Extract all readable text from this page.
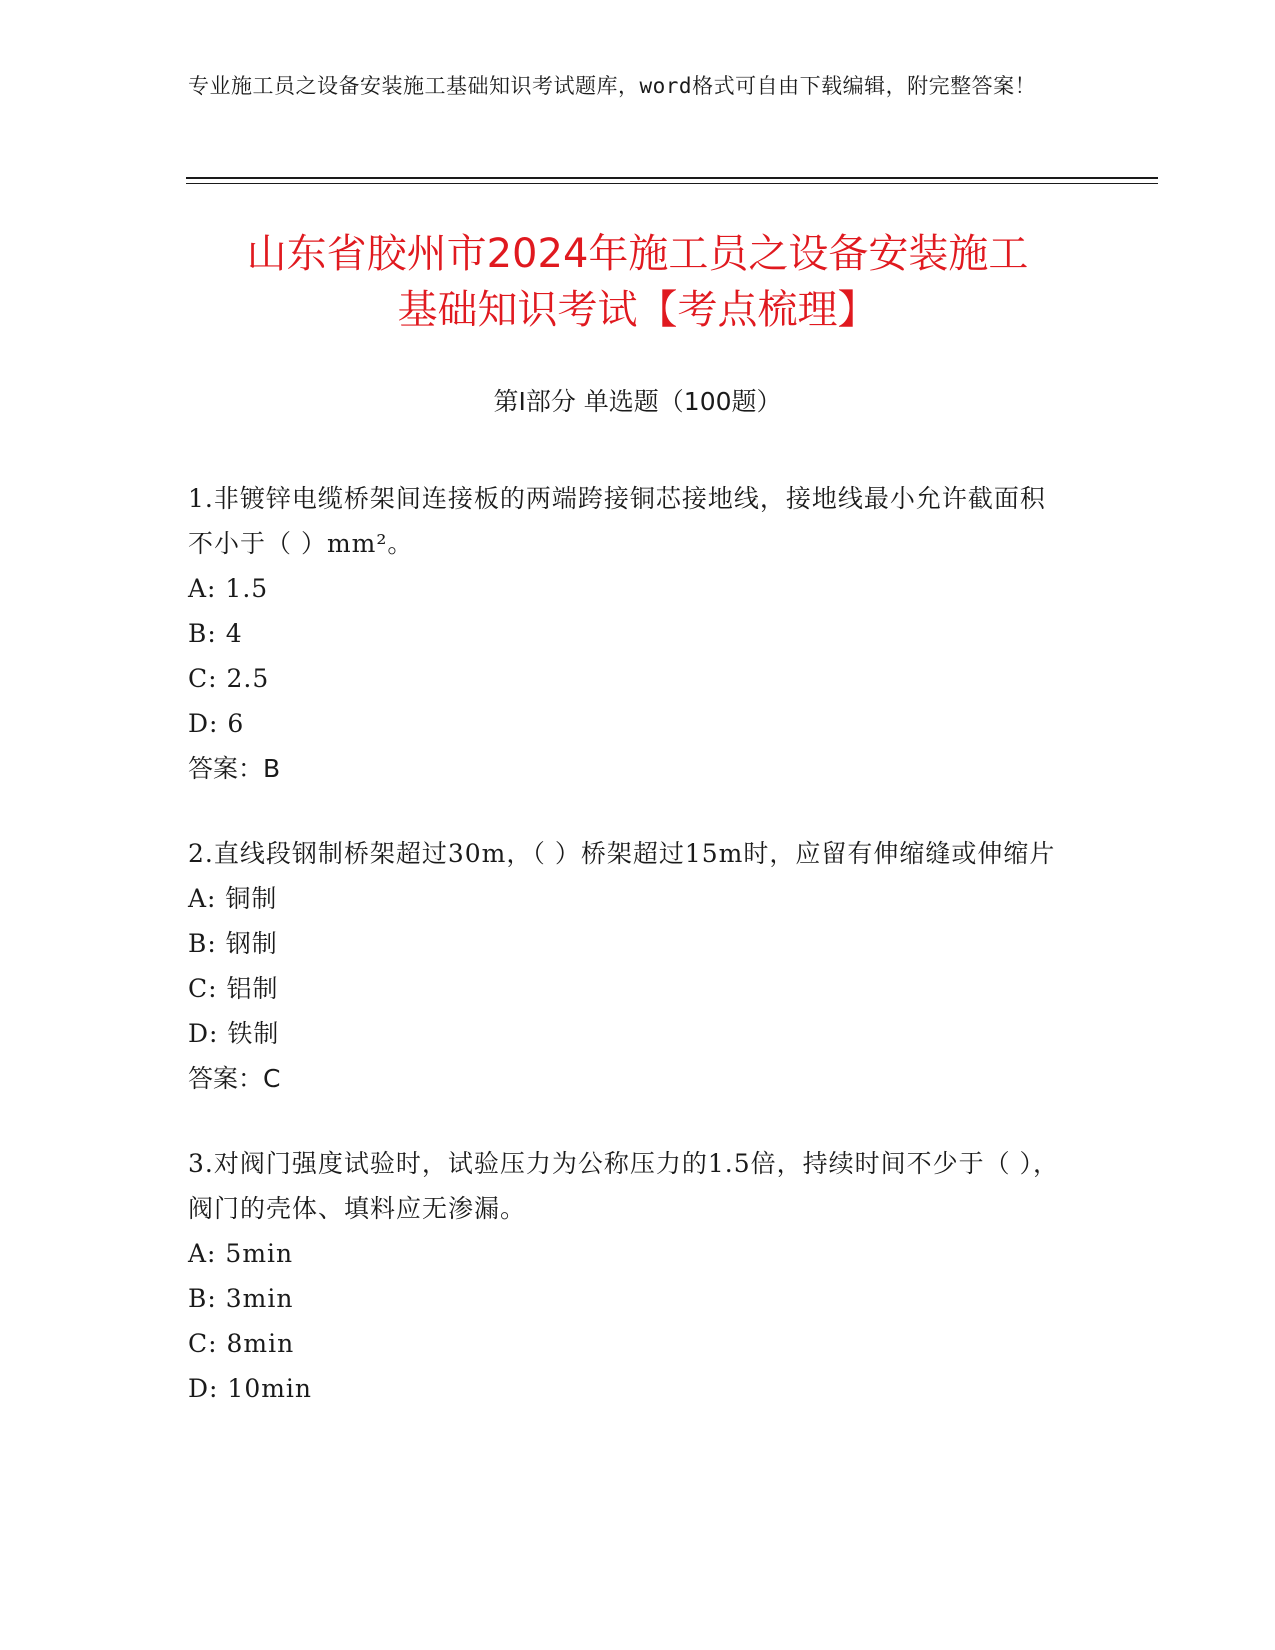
专业施工员之设备安装施工基础知识考试题库，word格式可自由下载编辑，附完整答案！
山东省胶州市2024年施工员之设备安装施工
基础知识考试【考点梳理】
第I部分 单选题（100题）
1.非镀锌电缆桥架间连接板的两端跨接铜芯接地线，接地线最小允许截面积不小于（ ）mm²。
A: 1.5
B: 4
C: 2.5
D: 6
答案：B
2.直线段钢制桥架超过30m，（ ）桥架超过15m时，应留有伸缩缝或伸缩片
A: 铜制
B: 钢制
C: 铝制
D: 铁制
答案：C
3.对阀门强度试验时，试验压力为公称压力的1.5倍，持续时间不少于（ ），阀门的壳体、填料应无渗漏。
A: 5min
B: 3min
C: 8min
D: 10min
